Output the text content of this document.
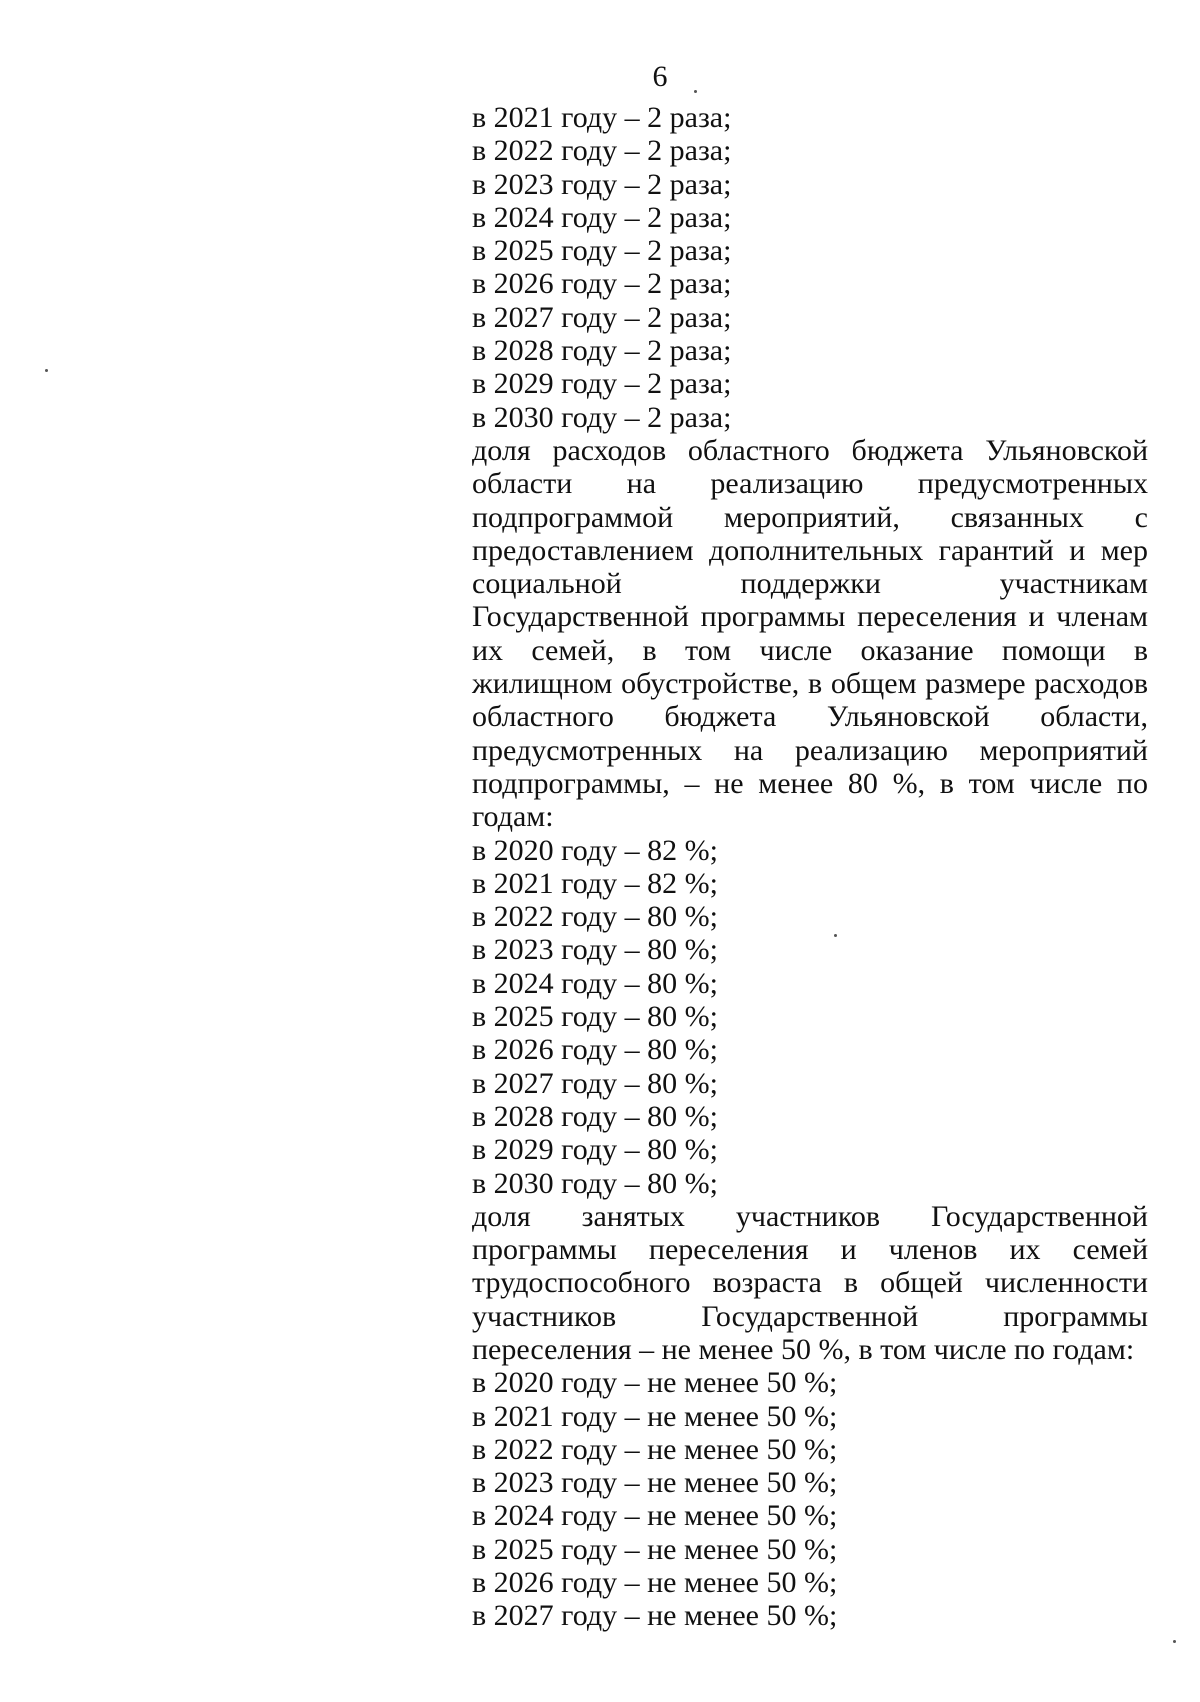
6
в 2021 году – 2 раза;
в 2022 году – 2 раза;
в 2023 году – 2 раза;
в 2024 году – 2 раза;
в 2025 году – 2 раза;
в 2026 году – 2 раза;
в 2027 году – 2 раза;
в 2028 году – 2 раза;
в 2029 году – 2 раза;
в 2030 году – 2 раза;
доля расходов областного бюджета Ульяновской области на реализацию предусмотренных подпрограммой мероприятий, связанных с предоставлением дополнительных гарантий и мер социальной поддержки участникам Государственной программы переселения и членам их семей, в том числе оказание помощи в жилищном обустройстве, в общем размере расходов областного бюджета Ульяновской области, предусмотренных на реализацию мероприятий подпрограммы, – не менее 80 %, в том числе по годам:
в 2020 году – 82 %;
в 2021 году – 82 %;
в 2022 году – 80 %;
в 2023 году – 80 %;
в 2024 году – 80 %;
в 2025 году – 80 %;
в 2026 году – 80 %;
в 2027 году – 80 %;
в 2028 году – 80 %;
в 2029 году – 80 %;
в 2030 году – 80 %;
доля занятых участников Государственной программы переселения и членов их семей трудоспособного возраста в общей численности участников Государственной программы переселения – не менее 50 %, в том числе по годам:
в 2020 году – не менее 50 %;
в 2021 году – не менее 50 %;
в 2022 году – не менее 50 %;
в 2023 году – не менее 50 %;
в 2024 году – не менее 50 %;
в 2025 году – не менее 50 %;
в 2026 году – не менее 50 %;
в 2027 году – не менее 50 %;
